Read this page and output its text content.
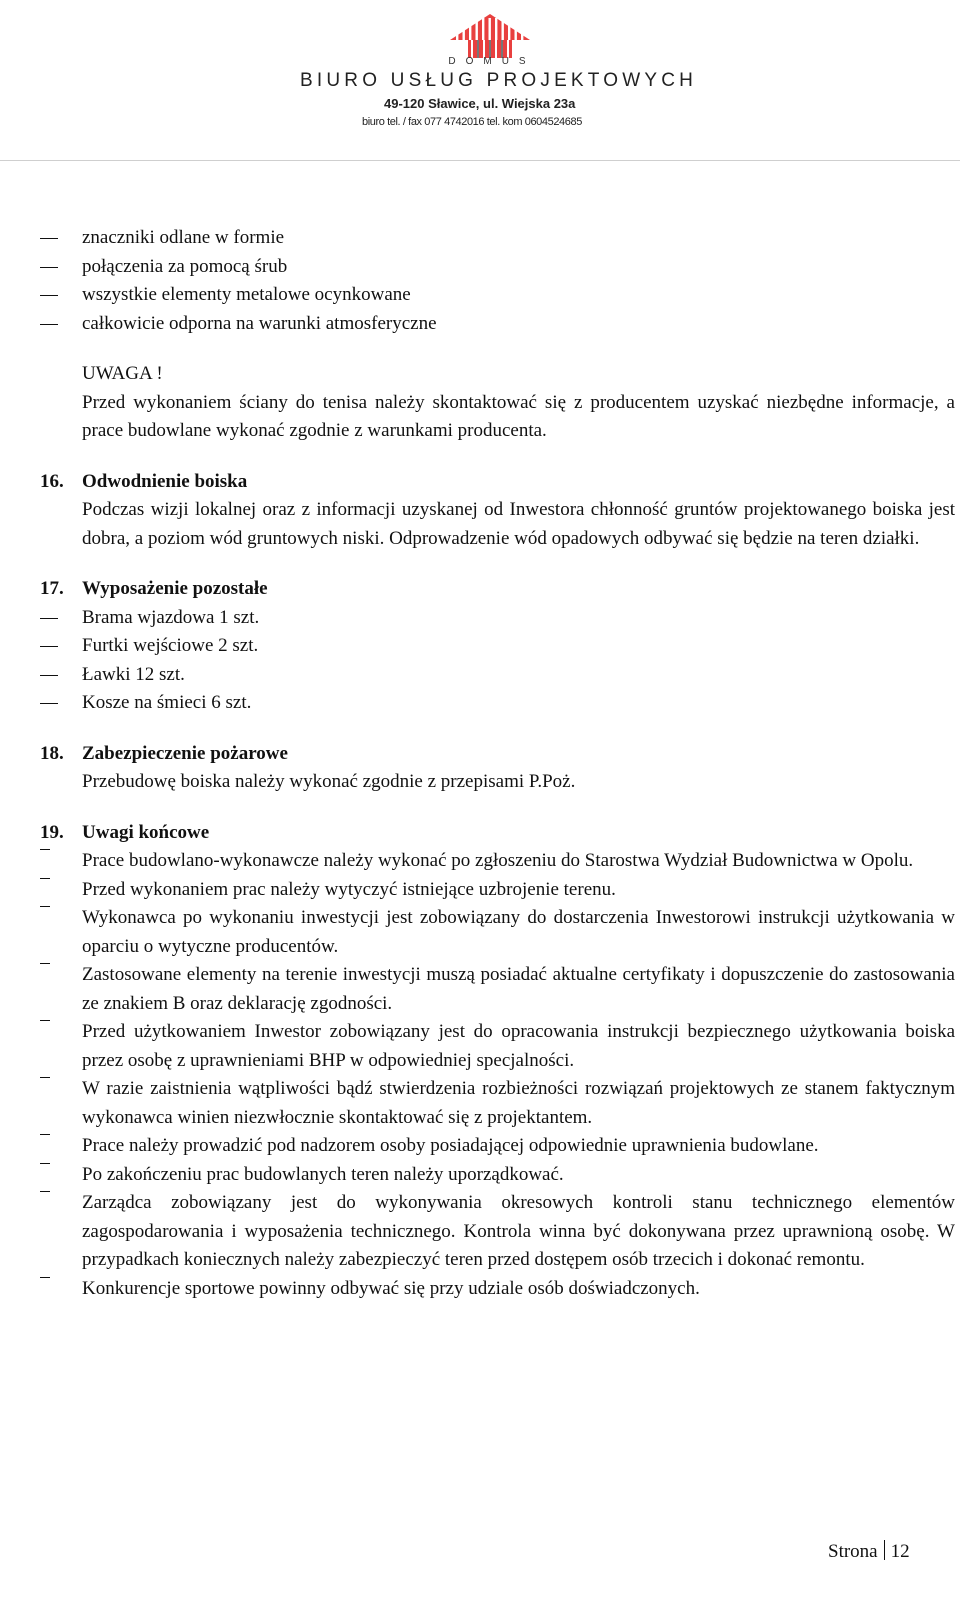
DOMUS
BIURO USŁUG PROJEKTOWYCH
49-120 Sławice, ul. Wiejska 23a
biuro tel. / fax 077 4742016 tel. kom 0604524685
znaczniki odlane w formie
połączenia za pomocą śrub
wszystkie elementy metalowe ocynkowane
całkowicie odporna na warunki atmosferyczne
UWAGA !
Przed wykonaniem ściany do tenisa należy skontaktować się z producentem uzyskać niezbędne informacje, a prace budowlane wykonać zgodnie z warunkami producenta.
16. Odwodnienie boiska
Podczas wizji lokalnej oraz z informacji uzyskanej od Inwestora chłonność gruntów projektowanego boiska jest dobra, a poziom wód gruntowych niski. Odprowadzenie wód opadowych odbywać się będzie na teren działki.
17. Wyposażenie pozostałe
Brama wjazdowa 1 szt.
Furtki wejściowe 2 szt.
Ławki 12 szt.
Kosze na śmieci 6 szt.
18. Zabezpieczenie pożarowe
Przebudowę boiska należy wykonać zgodnie z przepisami P.Poż.
19. Uwagi końcowe
Prace budowlano-wykonawcze należy wykonać po zgłoszeniu do Starostwa Wydział Budownictwa w Opolu.
Przed wykonaniem prac należy wytyczyć istniejące uzbrojenie terenu.
Wykonawca po wykonaniu inwestycji jest zobowiązany do dostarczenia Inwestorowi instrukcji użytkowania w oparciu o wytyczne producentów.
Zastosowane elementy na terenie inwestycji muszą posiadać aktualne certyfikaty i dopuszczenie do zastosowania ze znakiem B oraz deklarację zgodności.
Przed użytkowaniem Inwestor zobowiązany jest do opracowania instrukcji bezpiecznego użytkowania boiska przez osobę z uprawnieniami BHP w odpowiedniej specjalności.
W razie zaistnienia wątpliwości bądź stwierdzenia rozbieżności rozwiązań projektowych ze stanem faktycznym wykonawca winien niezwłocznie skontaktować się z projektantem.
Prace należy prowadzić pod nadzorem osoby posiadającej odpowiednie uprawnienia budowlane.
Po zakończeniu prac budowlanych teren należy uporządkować.
Zarządca zobowiązany jest do wykonywania okresowych kontroli stanu technicznego elementów zagospodarowania i wyposażenia technicznego. Kontrola winna być dokonywana przez uprawnioną osobę. W przypadkach koniecznych należy zabezpieczyć teren przed dostępem osób trzecich i dokonać remontu.
Konkurencje sportowe powinny odbywać się przy udziale osób doświadczonych.
Strona 12
